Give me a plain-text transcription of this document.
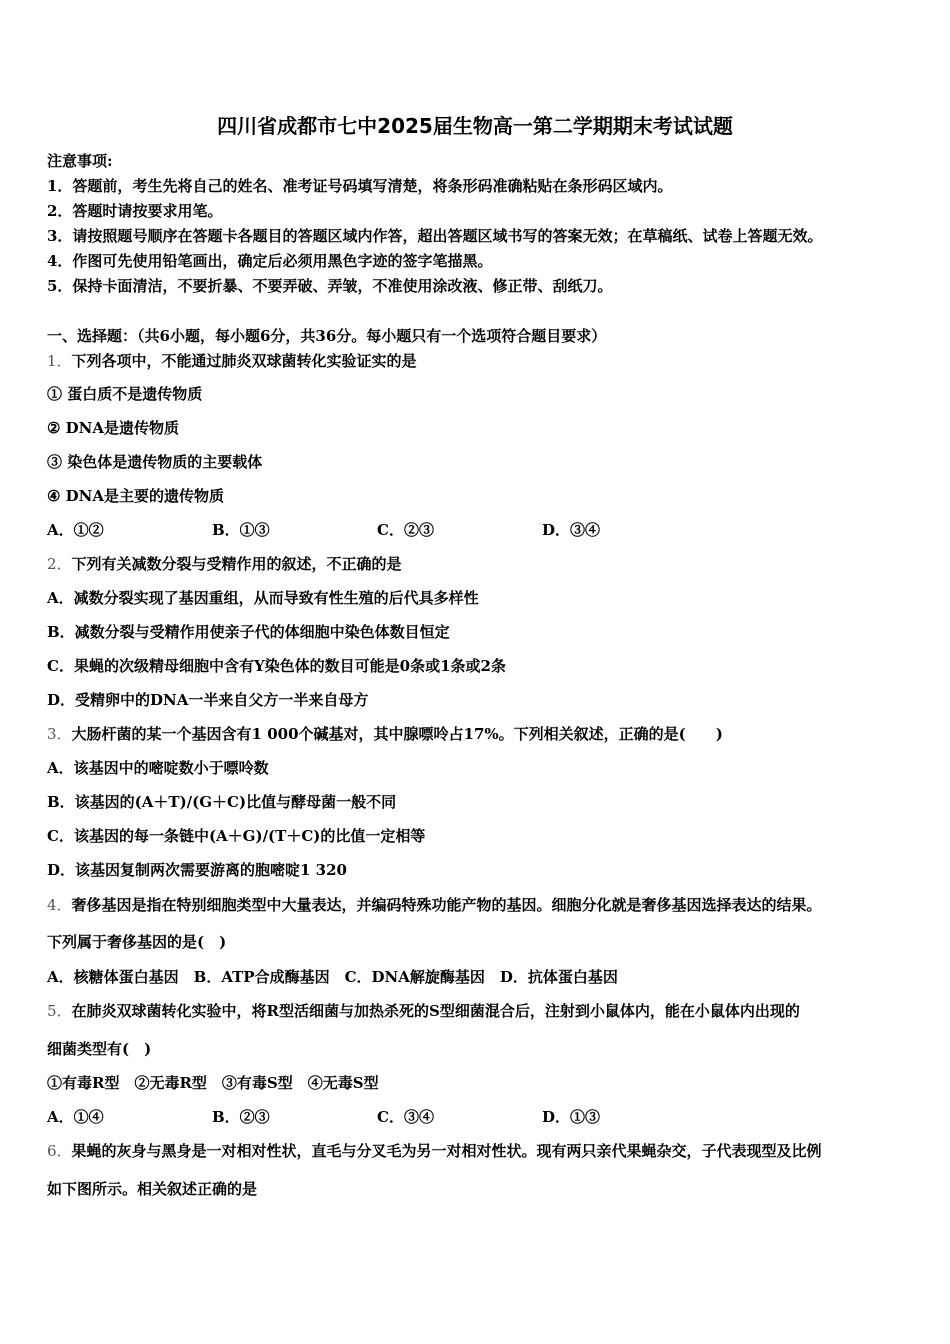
四川省成都市七中2025届生物高一第二学期期末考试试题
注意事项:
1．答题前，考生先将自己的姓名、准考证号码填写清楚，将条形码准确粘贴在条形码区域内。
2．答题时请按要求用笔。
3．请按照题号顺序在答题卡各题目的答题区域内作答，超出答题区域书写的答案无效；在草稿纸、试卷上答题无效。
4．作图可先使用铅笔画出，确定后必须用黑色字迹的签字笔描黑。
5．保持卡面清洁，不要折暴、不要弄破、弄皱，不准使用涂改液、修正带、刮纸刀。
一、选择题：（共6小题，每小题6分，共36分。每小题只有一个选项符合题目要求）
1．下列各项中，不能通过肺炎双球菌转化实验证实的是
① 蛋白质不是遗传物质
② DNA是遗传物质
③ 染色体是遗传物质的主要载体
④ DNA是主要的遗传物质
A．①②	B．①③	C．②③	D．③④
2．下列有关减数分裂与受精作用的叙述，不正确的是
A．减数分裂实现了基因重组，从而导致有性生殖的后代具多样性
B．减数分裂与受精作用使亲子代的体细胞中染色体数目恒定
C．果蝇的次级精母细胞中含有Y染色体的数目可能是0条或1条或2条
D．受精卵中的DNA一半来自父方一半来自母方
3．大肠杆菌的某一个基因含有1 000个碱基对，其中腺嘌呤占17%。下列相关叙述，正确的是(　　)
A．该基因中的嘧啶数小于嘌呤数
B．该基因的(A＋T)/(G＋C)比值与酵母菌一般不同
C．该基因的每一条链中(A＋G)/(T＋C)的比值一定相等
D．该基因复制两次需要游离的胞嘧啶1 320
4．奢侈基因是指在特别细胞类型中大量表达，并编码特殊功能产物的基因。细胞分化就是奢侈基因选择表达的结果。
下列属于奢侈基因的是(　)
A．核糖体蛋白基因　B．ATP合成酶基因　C．DNA解旋酶基因　D．抗体蛋白基因
5．在肺炎双球菌转化实验中，将R型活细菌与加热杀死的S型细菌混合后，注射到小鼠体内，能在小鼠体内出现的
细菌类型有(　)
①有毒R型　②无毒R型　③有毒S型　④无毒S型
A．①④	B．②③	C．③④	D．①③
6．果蝇的灰身与黑身是一对相对性状，直毛与分叉毛为另一对相对性状。现有两只亲代果蝇杂交，子代表现型及比例
如下图所示。相关叙述正确的是
